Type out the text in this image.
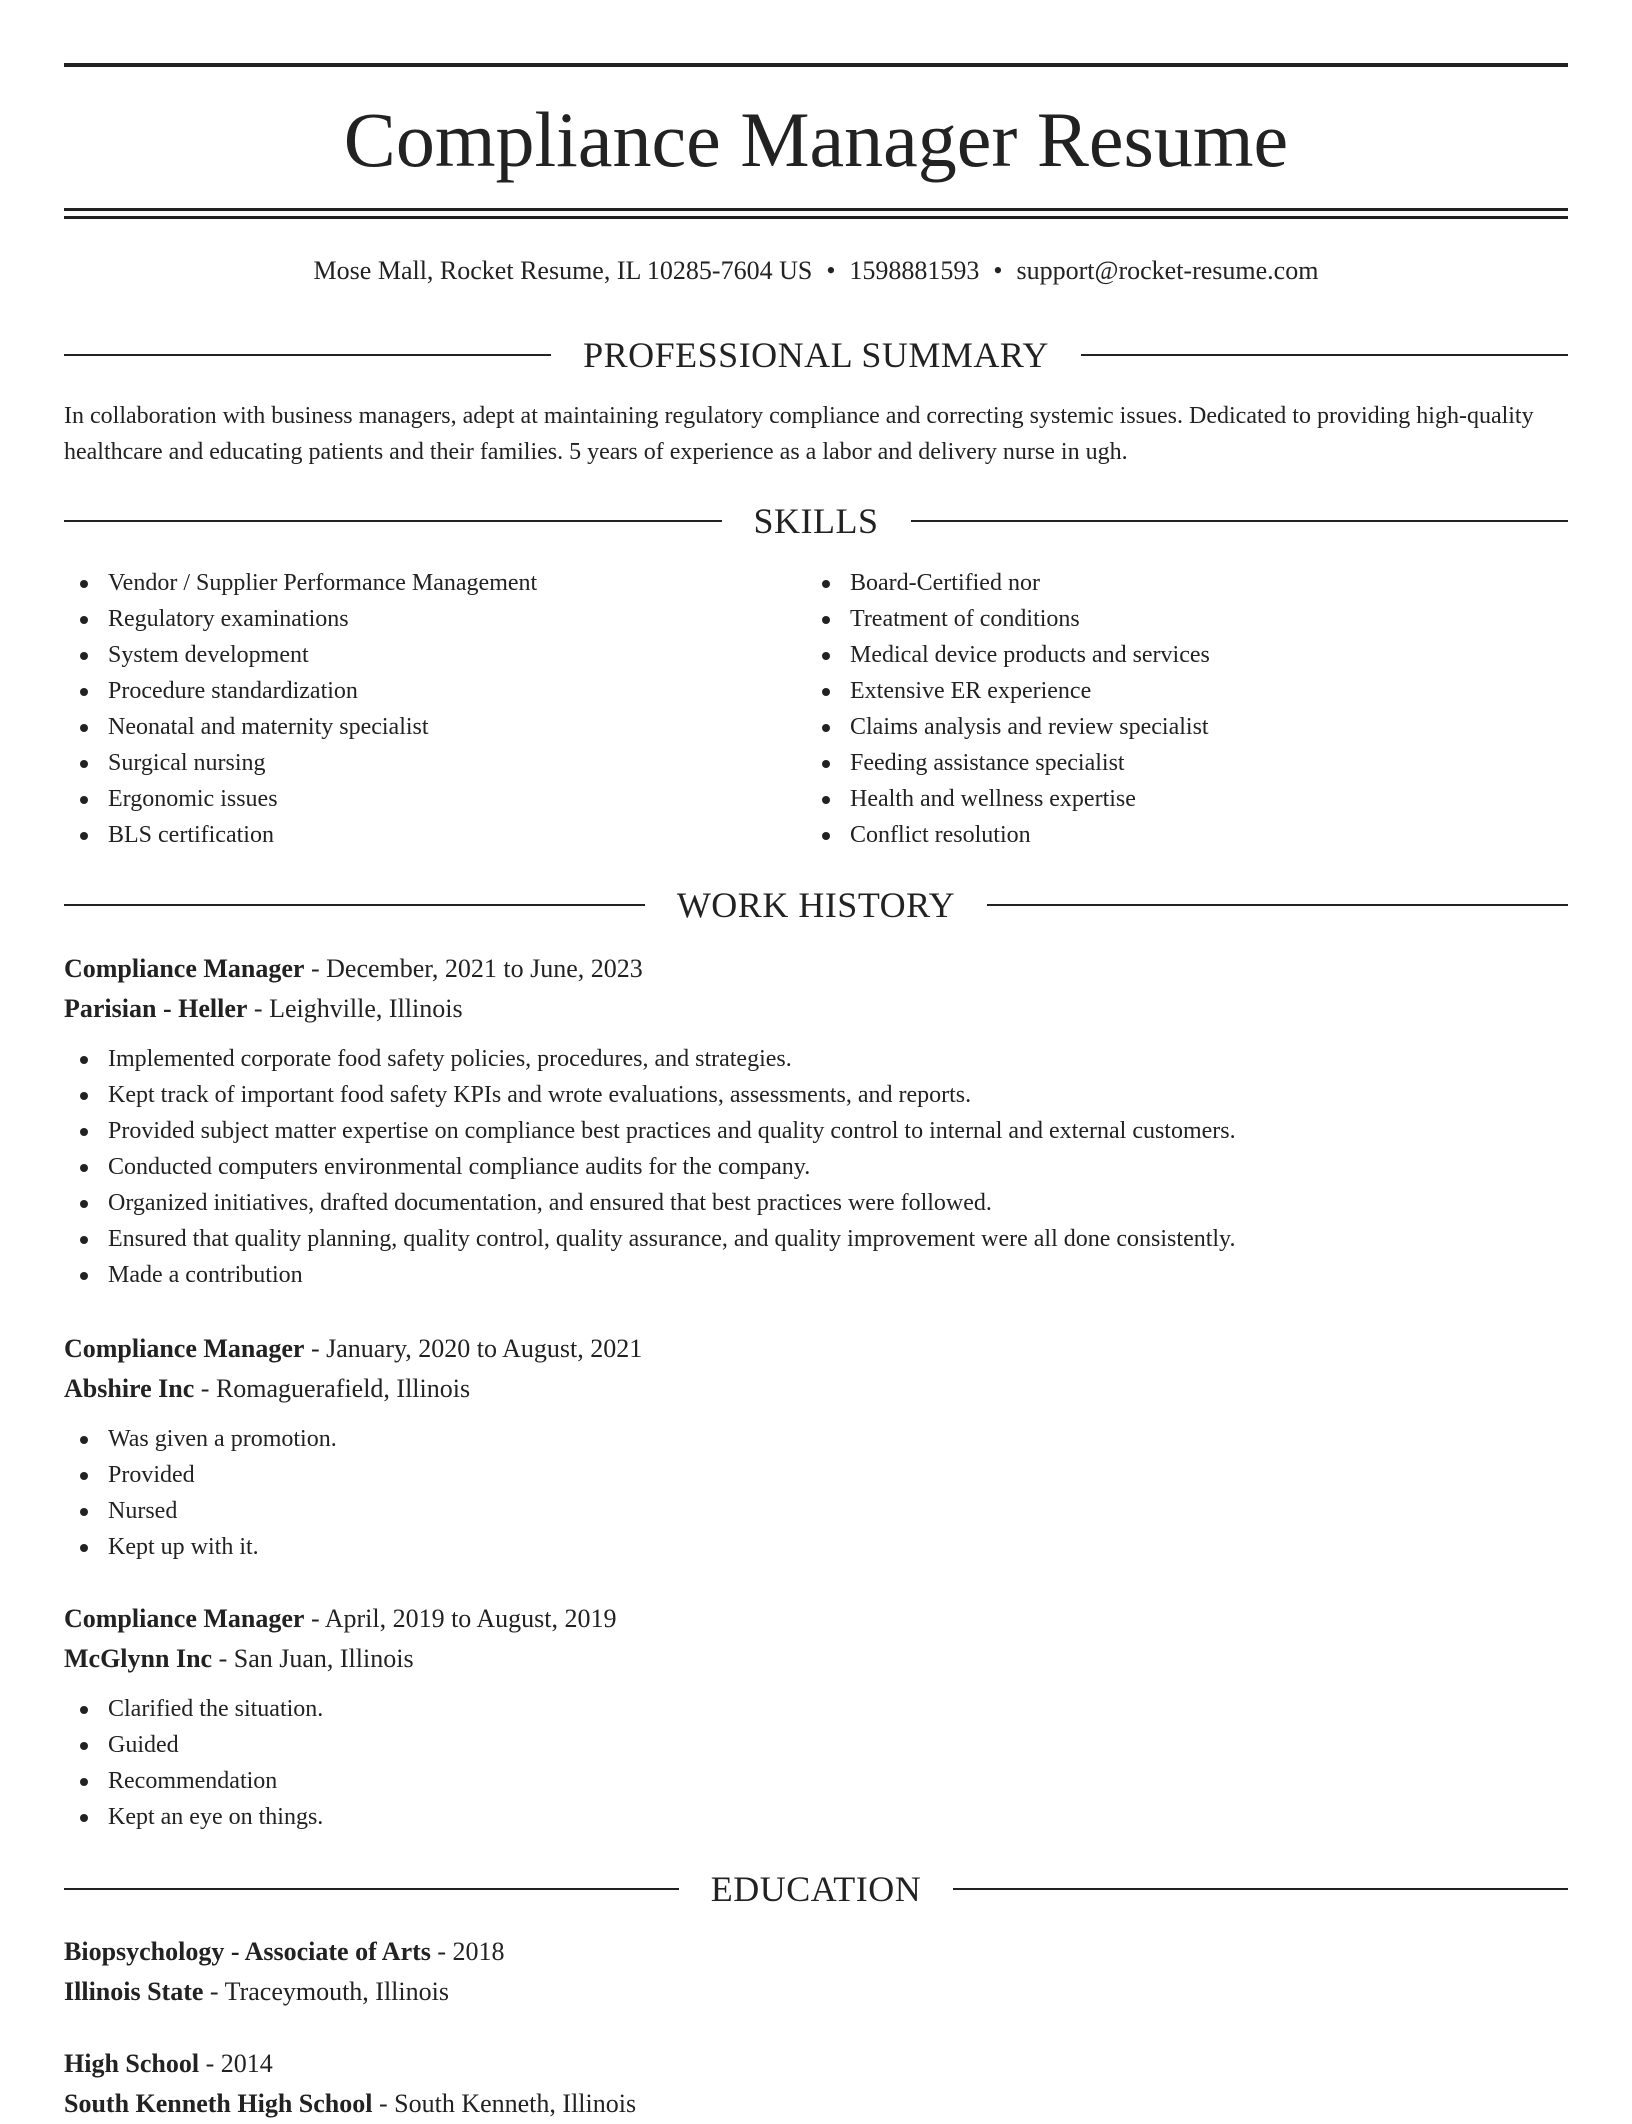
Compliance Manager Resume
Mose Mall, Rocket Resume, IL 10285-7604 US • 1598881593 • support@rocket-resume.com
PROFESSIONAL SUMMARY
In collaboration with business managers, adept at maintaining regulatory compliance and correcting systemic issues. Dedicated to providing high-quality healthcare and educating patients and their families. 5 years of experience as a labor and delivery nurse in ugh.
SKILLS
Vendor / Supplier Performance Management
Regulatory examinations
System development
Procedure standardization
Neonatal and maternity specialist
Surgical nursing
Ergonomic issues
BLS certification
Board-Certified nor
Treatment of conditions
Medical device products and services
Extensive ER experience
Claims analysis and review specialist
Feeding assistance specialist
Health and wellness expertise
Conflict resolution
WORK HISTORY
Compliance Manager - December, 2021 to June, 2023
Parisian - Heller - Leighville, Illinois
Implemented corporate food safety policies, procedures, and strategies.
Kept track of important food safety KPIs and wrote evaluations, assessments, and reports.
Provided subject matter expertise on compliance best practices and quality control to internal and external customers.
Conducted computers environmental compliance audits for the company.
Organized initiatives, drafted documentation, and ensured that best practices were followed.
Ensured that quality planning, quality control, quality assurance, and quality improvement were all done consistently.
Made a contribution
Compliance Manager - January, 2020 to August, 2021
Abshire Inc - Romaguerafield, Illinois
Was given a promotion.
Provided
Nursed
Kept up with it.
Compliance Manager - April, 2019 to August, 2019
McGlynn Inc - San Juan, Illinois
Clarified the situation.
Guided
Recommendation
Kept an eye on things.
EDUCATION
Biopsychology - Associate of Arts - 2018
Illinois State - Traceymouth, Illinois
High School - 2014
South Kenneth High School - South Kenneth, Illinois
